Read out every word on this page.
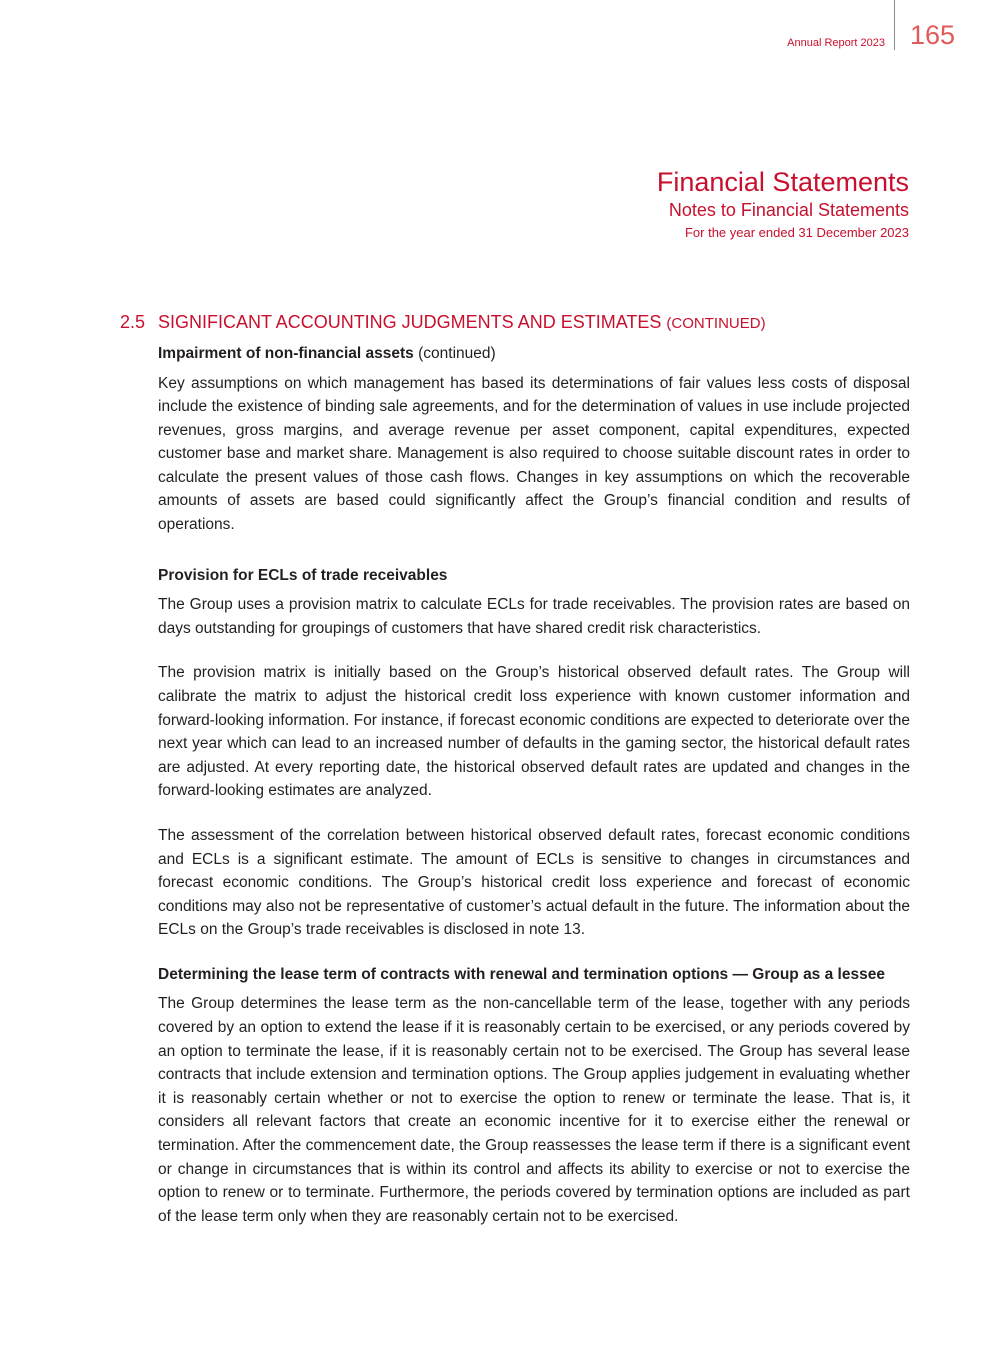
Annual Report 2023 165
Financial Statements
Notes to Financial Statements
For the year ended 31 December 2023
2.5 SIGNIFICANT ACCOUNTING JUDGMENTS AND ESTIMATES (CONTINUED)
Impairment of non-financial assets (continued)

Key assumptions on which management has based its determinations of fair values less costs of disposal include the existence of binding sale agreements, and for the determination of values in use include projected revenues, gross margins, and average revenue per asset component, capital expenditures, expected customer base and market share. Management is also required to choose suitable discount rates in order to calculate the present values of those cash flows. Changes in key assumptions on which the recoverable amounts of assets are based could significantly affect the Group’s financial condition and results of operations.

Provision for ECLs of trade receivables

The Group uses a provision matrix to calculate ECLs for trade receivables. The provision rates are based on days outstanding for groupings of customers that have shared credit risk characteristics.

The provision matrix is initially based on the Group’s historical observed default rates. The Group will calibrate the matrix to adjust the historical credit loss experience with known customer information and forward-looking information. For instance, if forecast economic conditions are expected to deteriorate over the next year which can lead to an increased number of defaults in the gaming sector, the historical default rates are adjusted. At every reporting date, the historical observed default rates are updated and changes in the forward-looking estimates are analyzed.

The assessment of the correlation between historical observed default rates, forecast economic conditions and ECLs is a significant estimate. The amount of ECLs is sensitive to changes in circumstances and forecast economic conditions. The Group’s historical credit loss experience and forecast of economic conditions may also not be representative of customer’s actual default in the future. The information about the ECLs on the Group’s trade receivables is disclosed in note 13.

Determining the lease term of contracts with renewal and termination options — Group as a lessee

The Group determines the lease term as the non-cancellable term of the lease, together with any periods covered by an option to extend the lease if it is reasonably certain to be exercised, or any periods covered by an option to terminate the lease, if it is reasonably certain not to be exercised. The Group has several lease contracts that include extension and termination options. The Group applies judgement in evaluating whether it is reasonably certain whether or not to exercise the option to renew or terminate the lease. That is, it considers all relevant factors that create an economic incentive for it to exercise either the renewal or termination. After the commencement date, the Group reassesses the lease term if there is a significant event or change in circumstances that is within its control and affects its ability to exercise or not to exercise the option to renew or to terminate. Furthermore, the periods covered by termination options are included as part of the lease term only when they are reasonably certain not to be exercised.
